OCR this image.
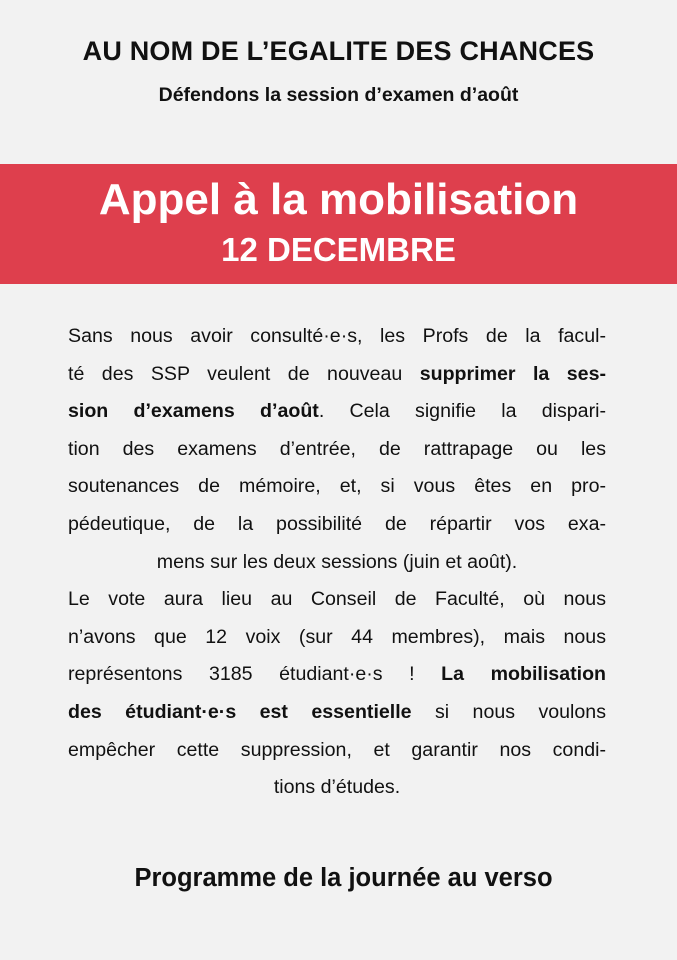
AU NOM DE L’EGALITE DES CHANCES
Défendons la session d’examen d’août
Appel à la mobilisation
12 DECEMBRE
Sans nous avoir consulté·e·s, les Profs de la facul-
té des SSP veulent de nouveau supprimer la ses-
sion d’examens d’août. Cela signifie la dispari-
tion des examens d’entrée, de rattrapage ou les
soutenances de mémoire, et, si vous êtes en pro-
pédeutique, de la possibilité de répartir vos exa-
mens sur les deux sessions (juin et août).
Le vote aura lieu au Conseil de Faculté, où nous
n’avons que 12 voix (sur 44 membres), mais nous
représentons 3185 étudiant·e·s ! La mobilisation
des étudiant·e·s est essentielle si nous voulons
empêcher cette suppression, et garantir nos condi-
tions d’études.
Programme de la journée au verso
